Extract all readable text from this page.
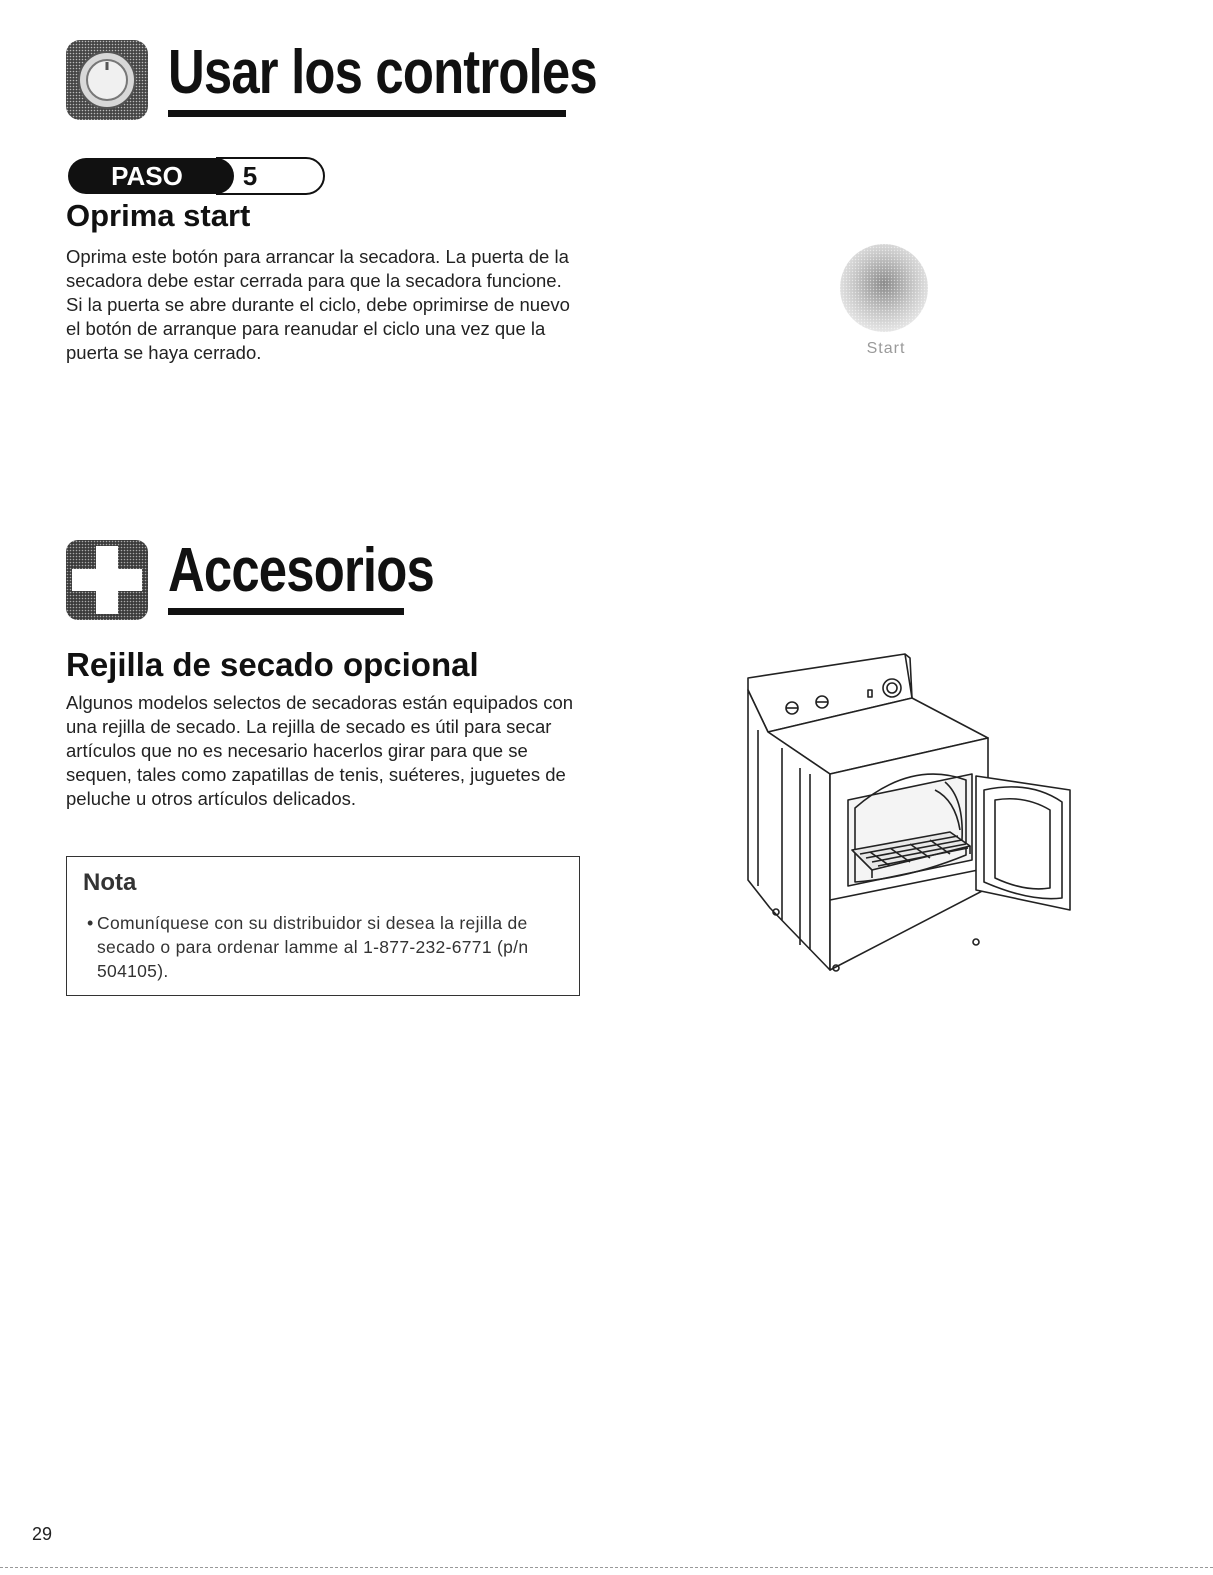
Usar los controles
PASO	5
Oprima start

Oprima este botón para arrancar la secadora. La puerta de la secadora debe estar cerrada para que la secadora funcione. Si la puerta se abre durante el ciclo, debe oprimirse de nuevo el botón de arranque para reanudar el ciclo una vez que la puerta se haya cerrado.	Start
Accesorios
Rejilla de secado opcional

Algunos modelos selectos de secadoras están equipados con una rejilla de secado. La rejilla de secado es útil para secar artículos que no es necesario hacerlos girar para que se sequen, tales como zapatillas de tenis, suéteres, juguetes de peluche u otros artículos delicados.

Nota
• Comuníquese con su distribuidor si desea la rejilla de secado o para ordenar lamme al 1-877-232-6771 (p/n 504105).

29
